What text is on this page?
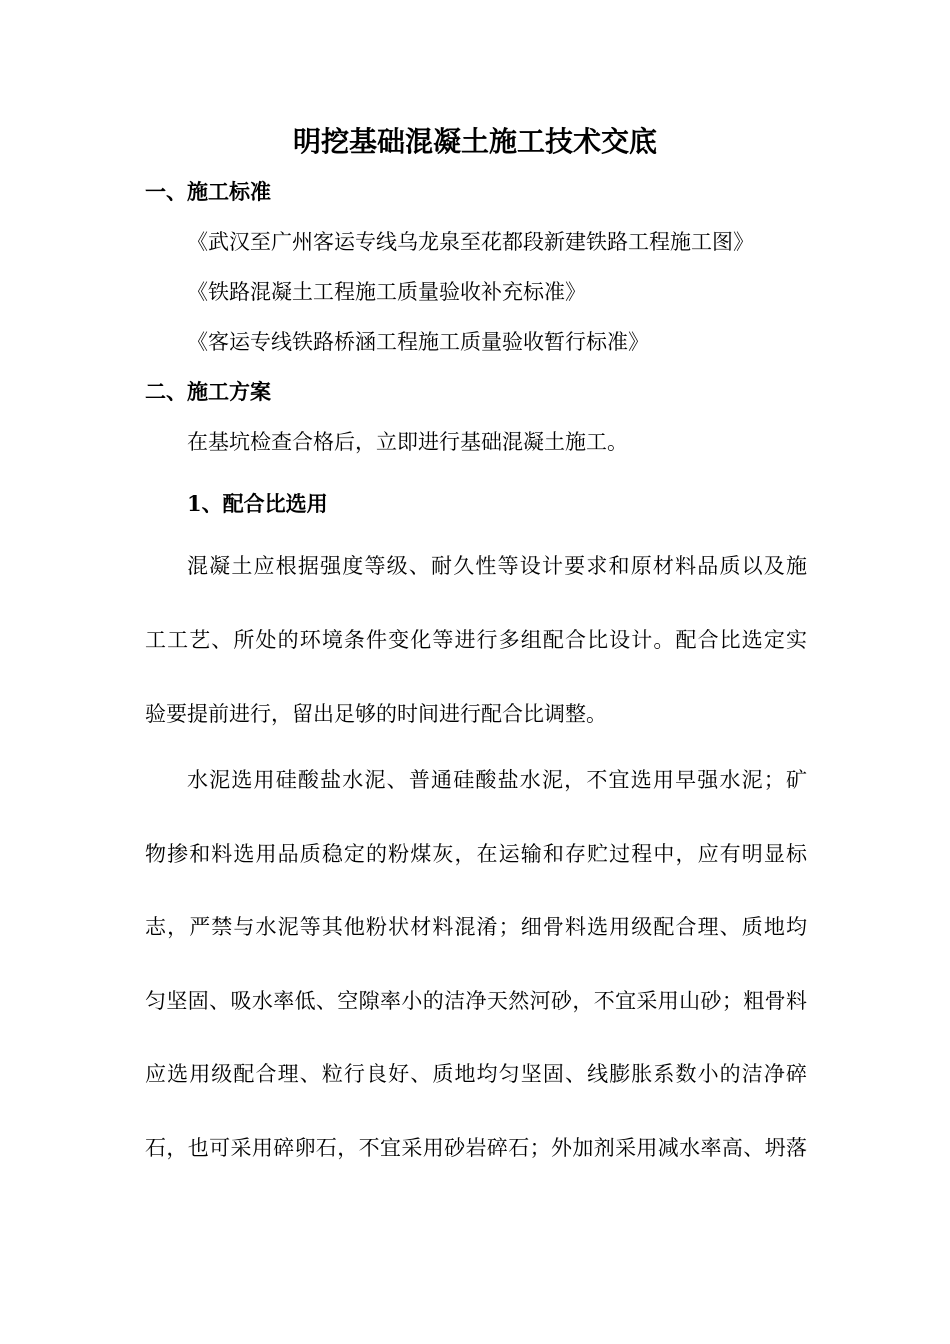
明挖基础混凝土施工技术交底
一、施工标准
《武汉至广州客运专线乌龙泉至花都段新建铁路工程施工图》
《铁路混凝土工程施工质量验收补充标准》
《客运专线铁路桥涵工程施工质量验收暂行标准》
二、施工方案
在基坑检查合格后，立即进行基础混凝土施工。
1、配合比选用
混凝土应根据强度等级、耐久性等设计要求和原材料品质以及施
工工艺、所处的环境条件变化等进行多组配合比设计。配合比选定实
验要提前进行，留出足够的时间进行配合比调整。
水泥选用硅酸盐水泥、普通硅酸盐水泥，不宜选用早强水泥；矿
物掺和料选用品质稳定的粉煤灰，在运输和存贮过程中，应有明显标
志，严禁与水泥等其他粉状材料混淆；细骨料选用级配合理、质地均
匀坚固、吸水率低、空隙率小的洁净天然河砂，不宜采用山砂；粗骨料
应选用级配合理、粒行良好、质地均匀坚固、线膨胀系数小的洁净碎
石，也可采用碎卵石，不宜采用砂岩碎石；外加剂采用减水率高、坍落
